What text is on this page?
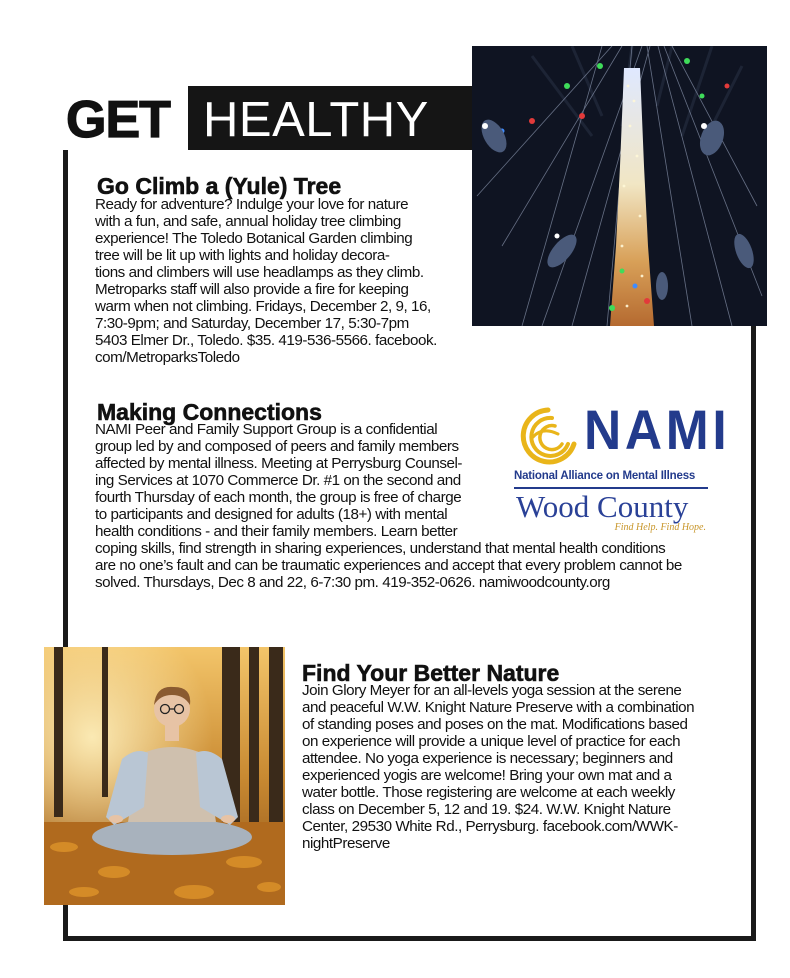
GET HEALTHY
Go Climb a (Yule) Tree

Ready for adventure? Indulge your love for nature

with a fun, and safe, annual holiday tree climbing

experience! The Toledo Botanical Garden climbing

tree will be lit up with lights and holiday decora-

tions and climbers will use headlamps as they climb.

Metroparks staff will also provide a fire for keeping

warm when not climbing. Fridays, December 2, 9, 16,

7:30-9pm; and Saturday, December 17, 5:30-7pm

5403 Elmer Dr., Toledo. $35. 419-536-5566. facebook.

com/MetroparksToledo

Making Connections

NAMI Peer and Family Support Group is a confidential

group led by and composed of peers and family members

affected by mental illness. Meeting at Perrysburg Counsel-

ing Services at 1070 Commerce Dr. #1 on the second and

fourth Thursday of each month, the group is free of charge

to participants and designed for adults (18+) with mental

health conditions - and their family members. Learn better

coping skills, find strength in sharing experiences, understand that mental health conditions

are no one’s fault and can be traumatic experiences and accept that every problem cannot be

solved. Thursdays, Dec 8 and 22, 6-7:30 pm. 419-352-0626. namiwoodcounty.org

NAMI
National Alliance on Mental Illness
Wood County
Find Help. Find Hope.
Find Your Better Nature

Join Glory Meyer for an all-levels yoga session at the serene

and peaceful W.W. Knight Nature Preserve with a combination

of standing poses and poses on the mat. Modifications based

on experience will provide a unique level of practice for each

attendee. No yoga experience is necessary; beginners and

experienced yogis are welcome! Bring your own mat and a

water bottle. Those registering are welcome at each weekly

class on December 5, 12 and 19. $24. W.W. Knight Nature

Center, 29530 White Rd., Perrysburg. facebook.com/WWK-

nightPreserve
